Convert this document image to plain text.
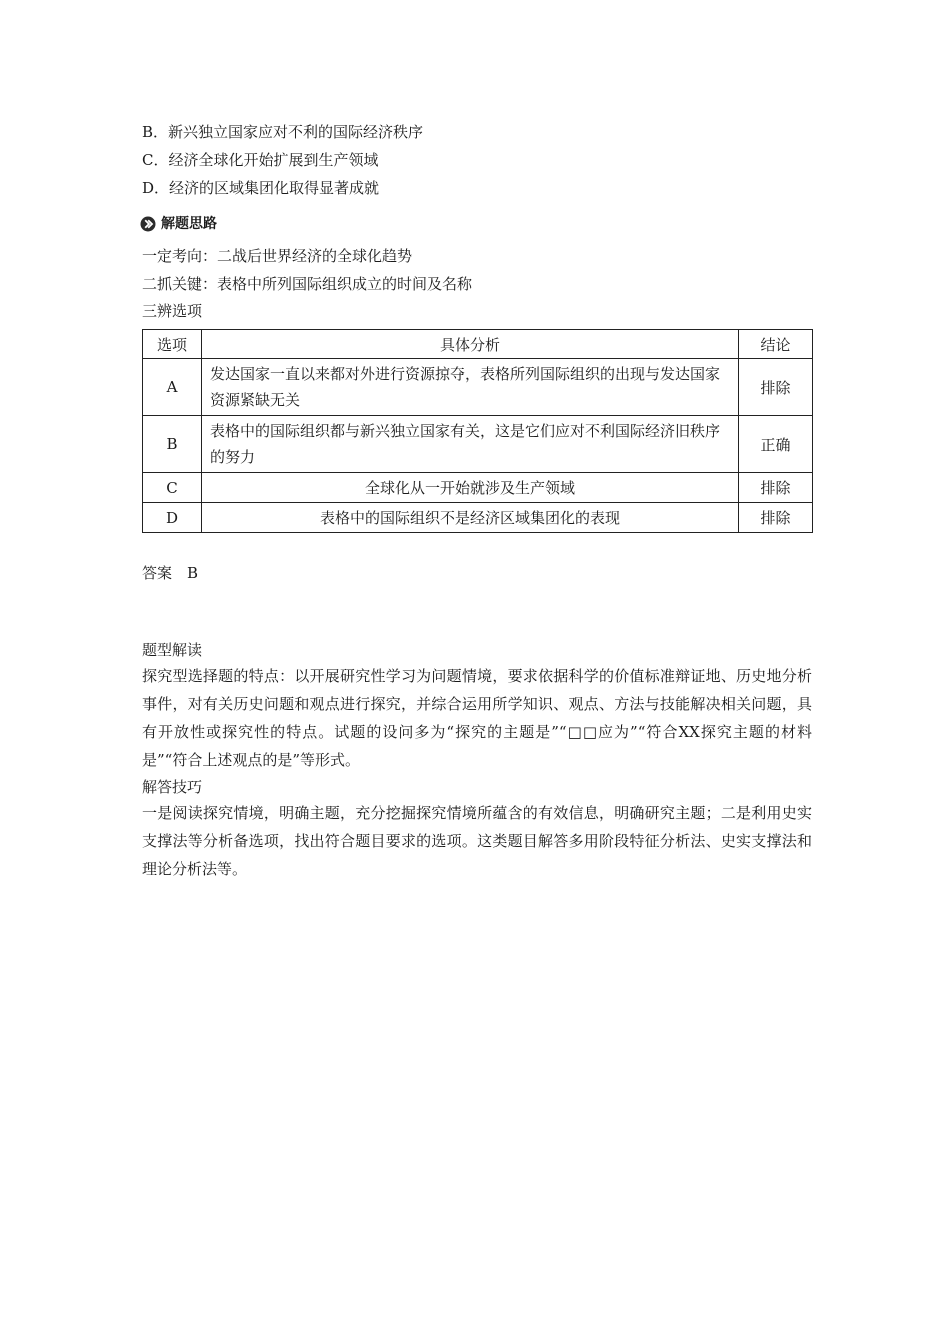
B．新兴独立国家应对不利的国际经济秩序
C．经济全球化开始扩展到生产领域
D．经济的区域集团化取得显著成就
解题思路
一定考向：二战后世界经济的全球化趋势
二抓关键：表格中所列国际组织成立的时间及名称
三辨选项
选项	具体分析	结论
A	发达国家一直以来都对外进行资源掠夺，表格所列国际组织的出现与发达国家资源紧缺无关	排除
B	表格中的国际组织都与新兴独立国家有关，这是它们应对不利国际经济旧秩序的努力	正确
C	全球化从一开始就涉及生产领域	排除
D	表格中的国际组织不是经济区域集团化的表现	排除
答案　B
题型解读
探究型选择题的特点：以开展研究性学习为问题情境，要求依据科学的价值标准辩证地、历史地分析事件，对有关历史问题和观点进行探究，并综合运用所学知识、观点、方法与技能解决相关问题，具有开放性或探究性的特点。试题的设问多为“探究的主题是”“□□应为”“符合XX探究主题的材料是”“符合上述观点的是”等形式。
解答技巧
一是阅读探究情境，明确主题，充分挖掘探究情境所蕴含的有效信息，明确研究主题；二是利用史实支撑法等分析备选项，找出符合题目要求的选项。这类题目解答多用阶段特征分析法、史实支撑法和理论分析法等。
